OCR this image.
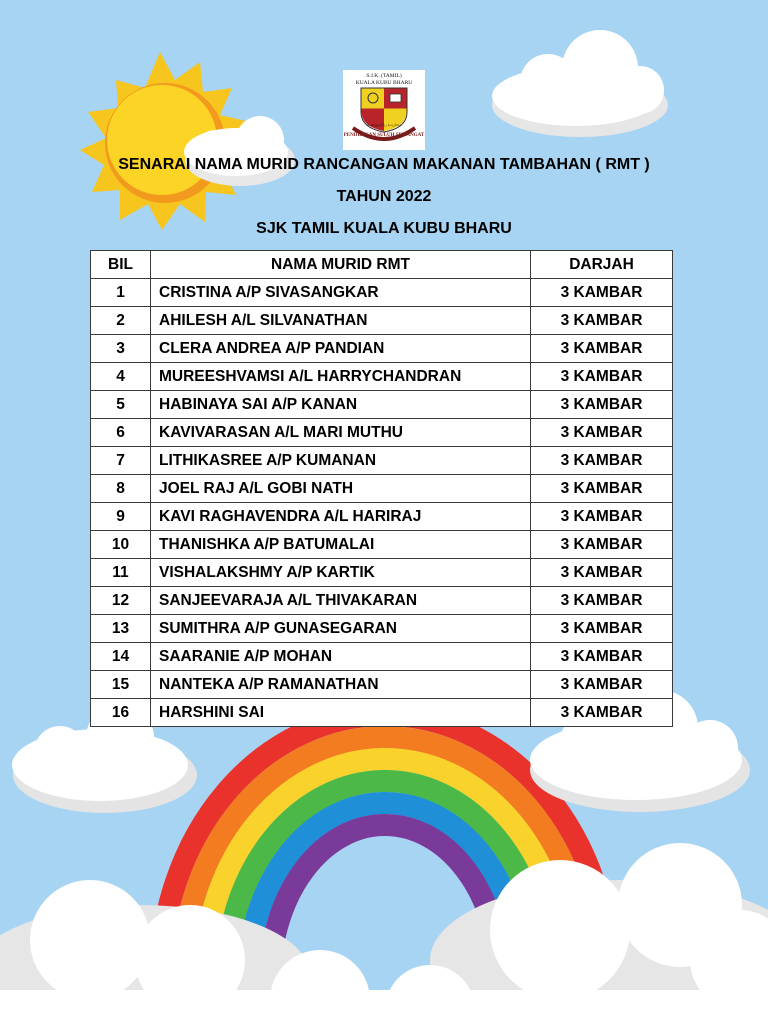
S.J.K. (TAMIL)
KUALA KUBU BHARU
உழைப்பே உயர்வு
PENDIDIKAN SULUH SEMANGAT
SENARAI NAMA MURID RANCANGAN MAKANAN TAMBAHAN ( RMT )
TAHUN 2022
SJK TAMIL KUALA KUBU BHARU
BIL	NAMA MURID RMT	DARJAH
1	CRISTINA A/P SIVASANGKAR	3 KAMBAR
2	AHILESH A/L SILVANATHAN	3 KAMBAR
3	CLERA ANDREA A/P PANDIAN	3 KAMBAR
4	MUREESHVAMSI A/L HARRYCHANDRAN	3 KAMBAR
5	HABINAYA SAI A/P KANAN	3 KAMBAR
6	KAVIVARASAN A/L MARI MUTHU	3 KAMBAR
7	LITHIKASREE A/P KUMANAN	3 KAMBAR
8	JOEL RAJ A/L GOBI NATH	3 KAMBAR
9	KAVI RAGHAVENDRA A/L HARIRAJ	3 KAMBAR
10	THANISHKA A/P BATUMALAI	3 KAMBAR
11	VISHALAKSHMY A/P KARTIK	3 KAMBAR
12	SANJEEVARAJA A/L THIVAKARAN	3 KAMBAR
13	SUMITHRA A/P GUNASEGARAN	3 KAMBAR
14	SAARANIE A/P MOHAN	3 KAMBAR
15	NANTEKA A/P RAMANATHAN	3 KAMBAR
16	HARSHINI SAI	3 KAMBAR
